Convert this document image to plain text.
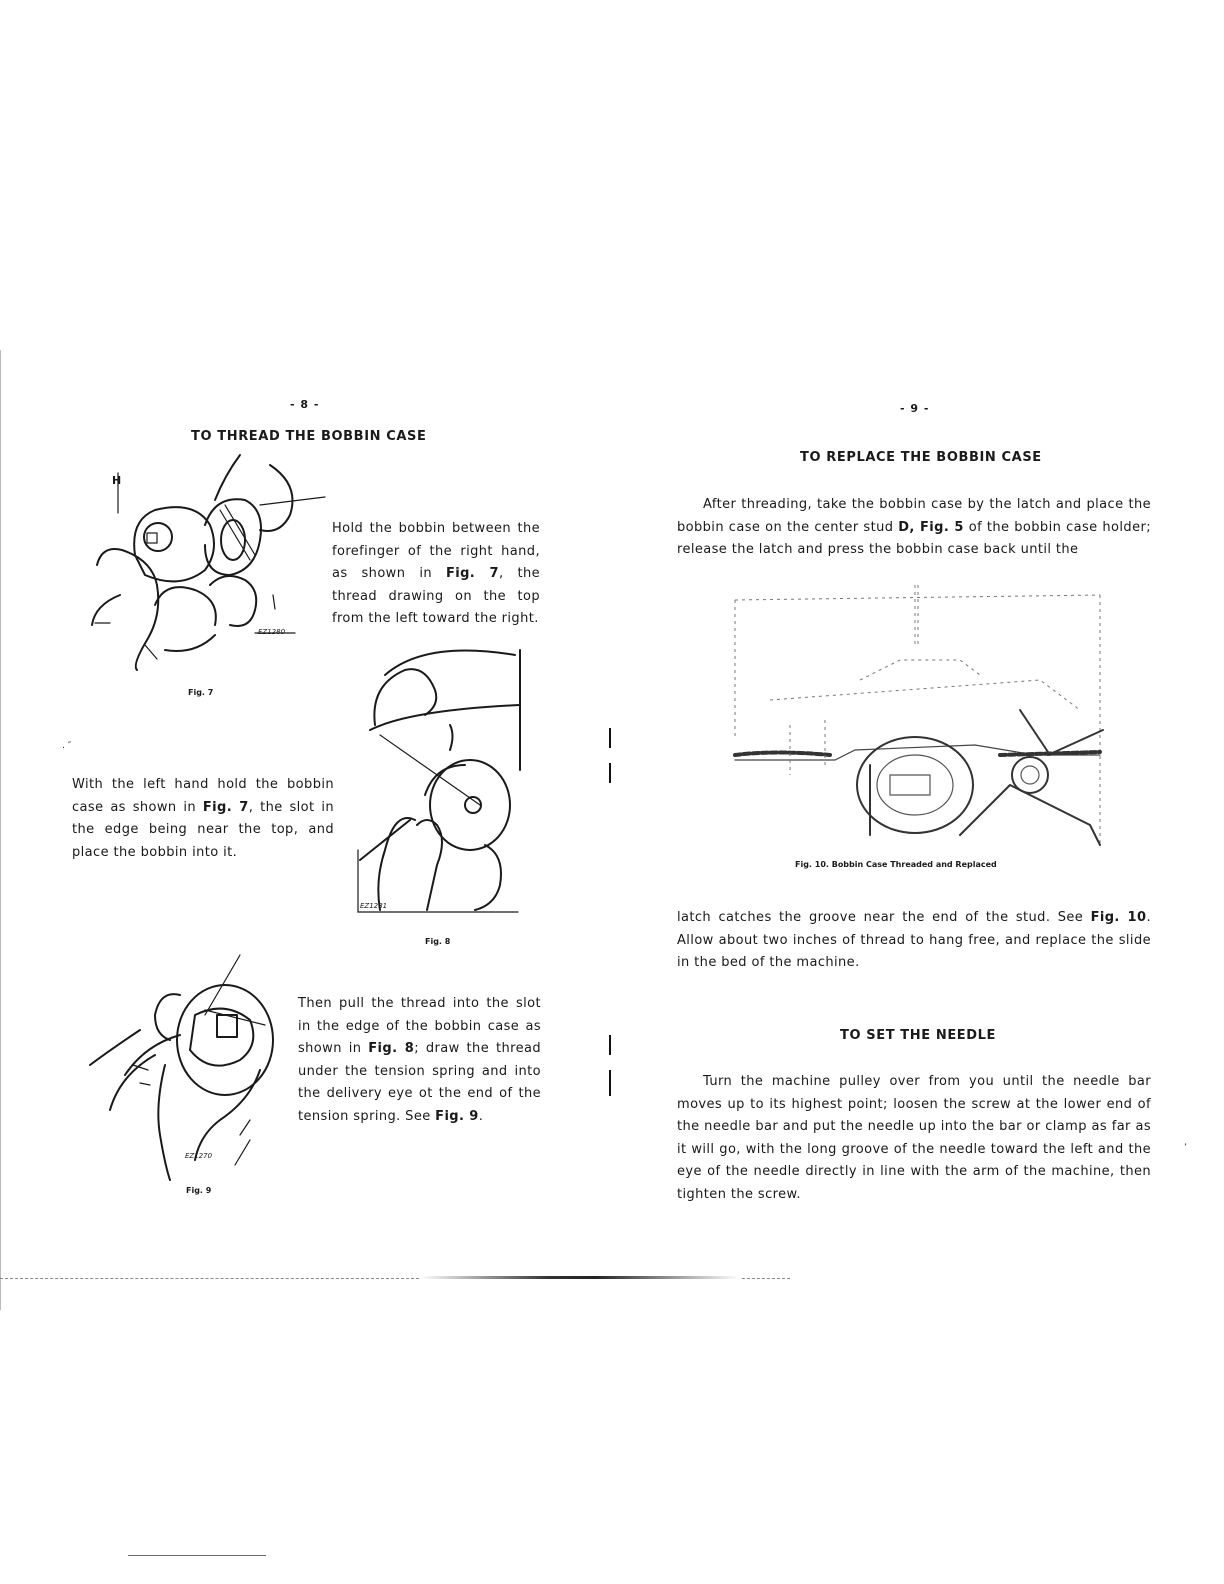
- 8 -
TO THREAD THE BOBBIN CASE
H
EZ1280
Fig. 7
Hold the bobbin between the forefinger of the right hand, as shown in Fig. 7, the thread drawing on the top from the left toward the right.
EZ1281
Fig. 8
․ ″
With the left hand hold the bobbin case as shown in Fig. 7, the slot in the edge being near the top, and place the bobbin into it.
EZ1270
Fig. 9
Then pull the thread into the slot in the edge of the bobbin case as shown in Fig. 8; draw the thread under the tension spring and into the delivery eye ot the end of the tension spring. See Fig. 9.
- 9 -
TO REPLACE THE BOBBIN CASE
After threading, take the bobbin case by the latch and place the bobbin case on the center stud D, Fig. 5 of the bobbin case holder; release the latch and press the bobbin case back until the
Fig. 10. Bobbin Case Threaded and Replaced
latch catches the groove near the end of the stud. See Fig. 10. Allow about two inches of thread to hang free, and replace the slide in the bed of the machine.
TO SET THE NEEDLE
Turn the machine pulley over from you until the needle bar moves up to its highest point; loosen the screw at the lower end of the needle bar and put the needle up into the bar or clamp as far as it will go, with the long groove of the needle toward the left and the eye of the needle directly in line with the arm of the machine, then tighten the screw.
’
